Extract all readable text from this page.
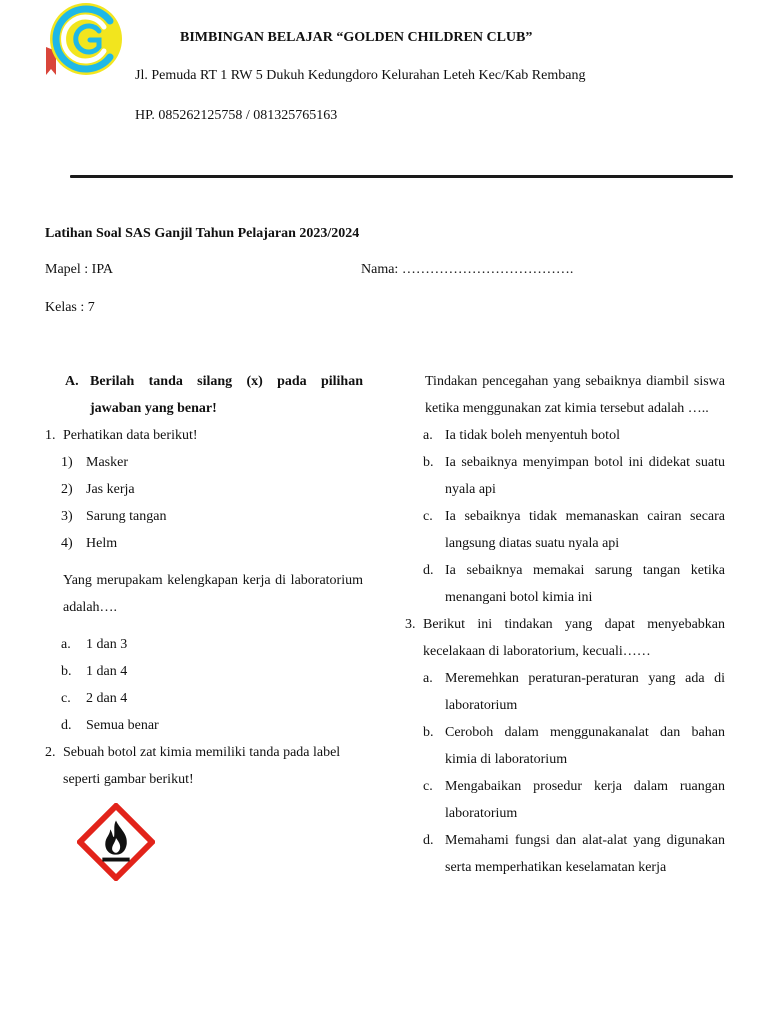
BIMBINGAN BELAJAR “GOLDEN CHILDREN CLUB”
Jl. Pemuda RT 1 RW 5 Dukuh Kedungdoro Kelurahan Leteh Kec/Kab Rembang
HP. 085262125758 / 081325765163
Latihan Soal SAS Ganjil Tahun Pelajaran 2023/2024
Mapel : IPA	Nama: ……………………………….
Kelas : 7
A. Berilah tanda silang (x) pada pilihan
jawaban yang benar!
1. Perhatikan data berikut!
1) Masker
2) Jas kerja
3) Sarung tangan
4) Helm
Yang merupakam kelengkapan kerja di laboratorium adalah….
a.	1 dan 3
b.	1 dan 4
c.	2 dan 4
d.	Semua benar
2. Sebuah botol zat kimia memiliki tanda pada label seperti gambar berikut!
Tindakan pencegahan yang sebaiknya diambil siswa ketika menggunakan zat kimia tersebut adalah …..
a. Ia tidak boleh menyentuh botol
b. Ia sebaiknya menyimpan botol ini didekat suatu nyala api
c. Ia sebaiknya tidak memanaskan cairan secara langsung diatas suatu nyala api
d. Ia sebaiknya memakai sarung tangan ketika menangani botol kimia ini
3. Berikut ini tindakan yang dapat menyebabkan kecelakaan di laboratorium, kecuali……
a. Meremehkan peraturan-peraturan yang ada di laboratorium
b. Ceroboh dalam menggunakanalat dan bahan kimia di laboratorium
c. Mengabaikan prosedur kerja dalam ruangan laboratorium
d. Memahami fungsi dan alat-alat yang digunakan serta memperhatikan keselamatan kerja
